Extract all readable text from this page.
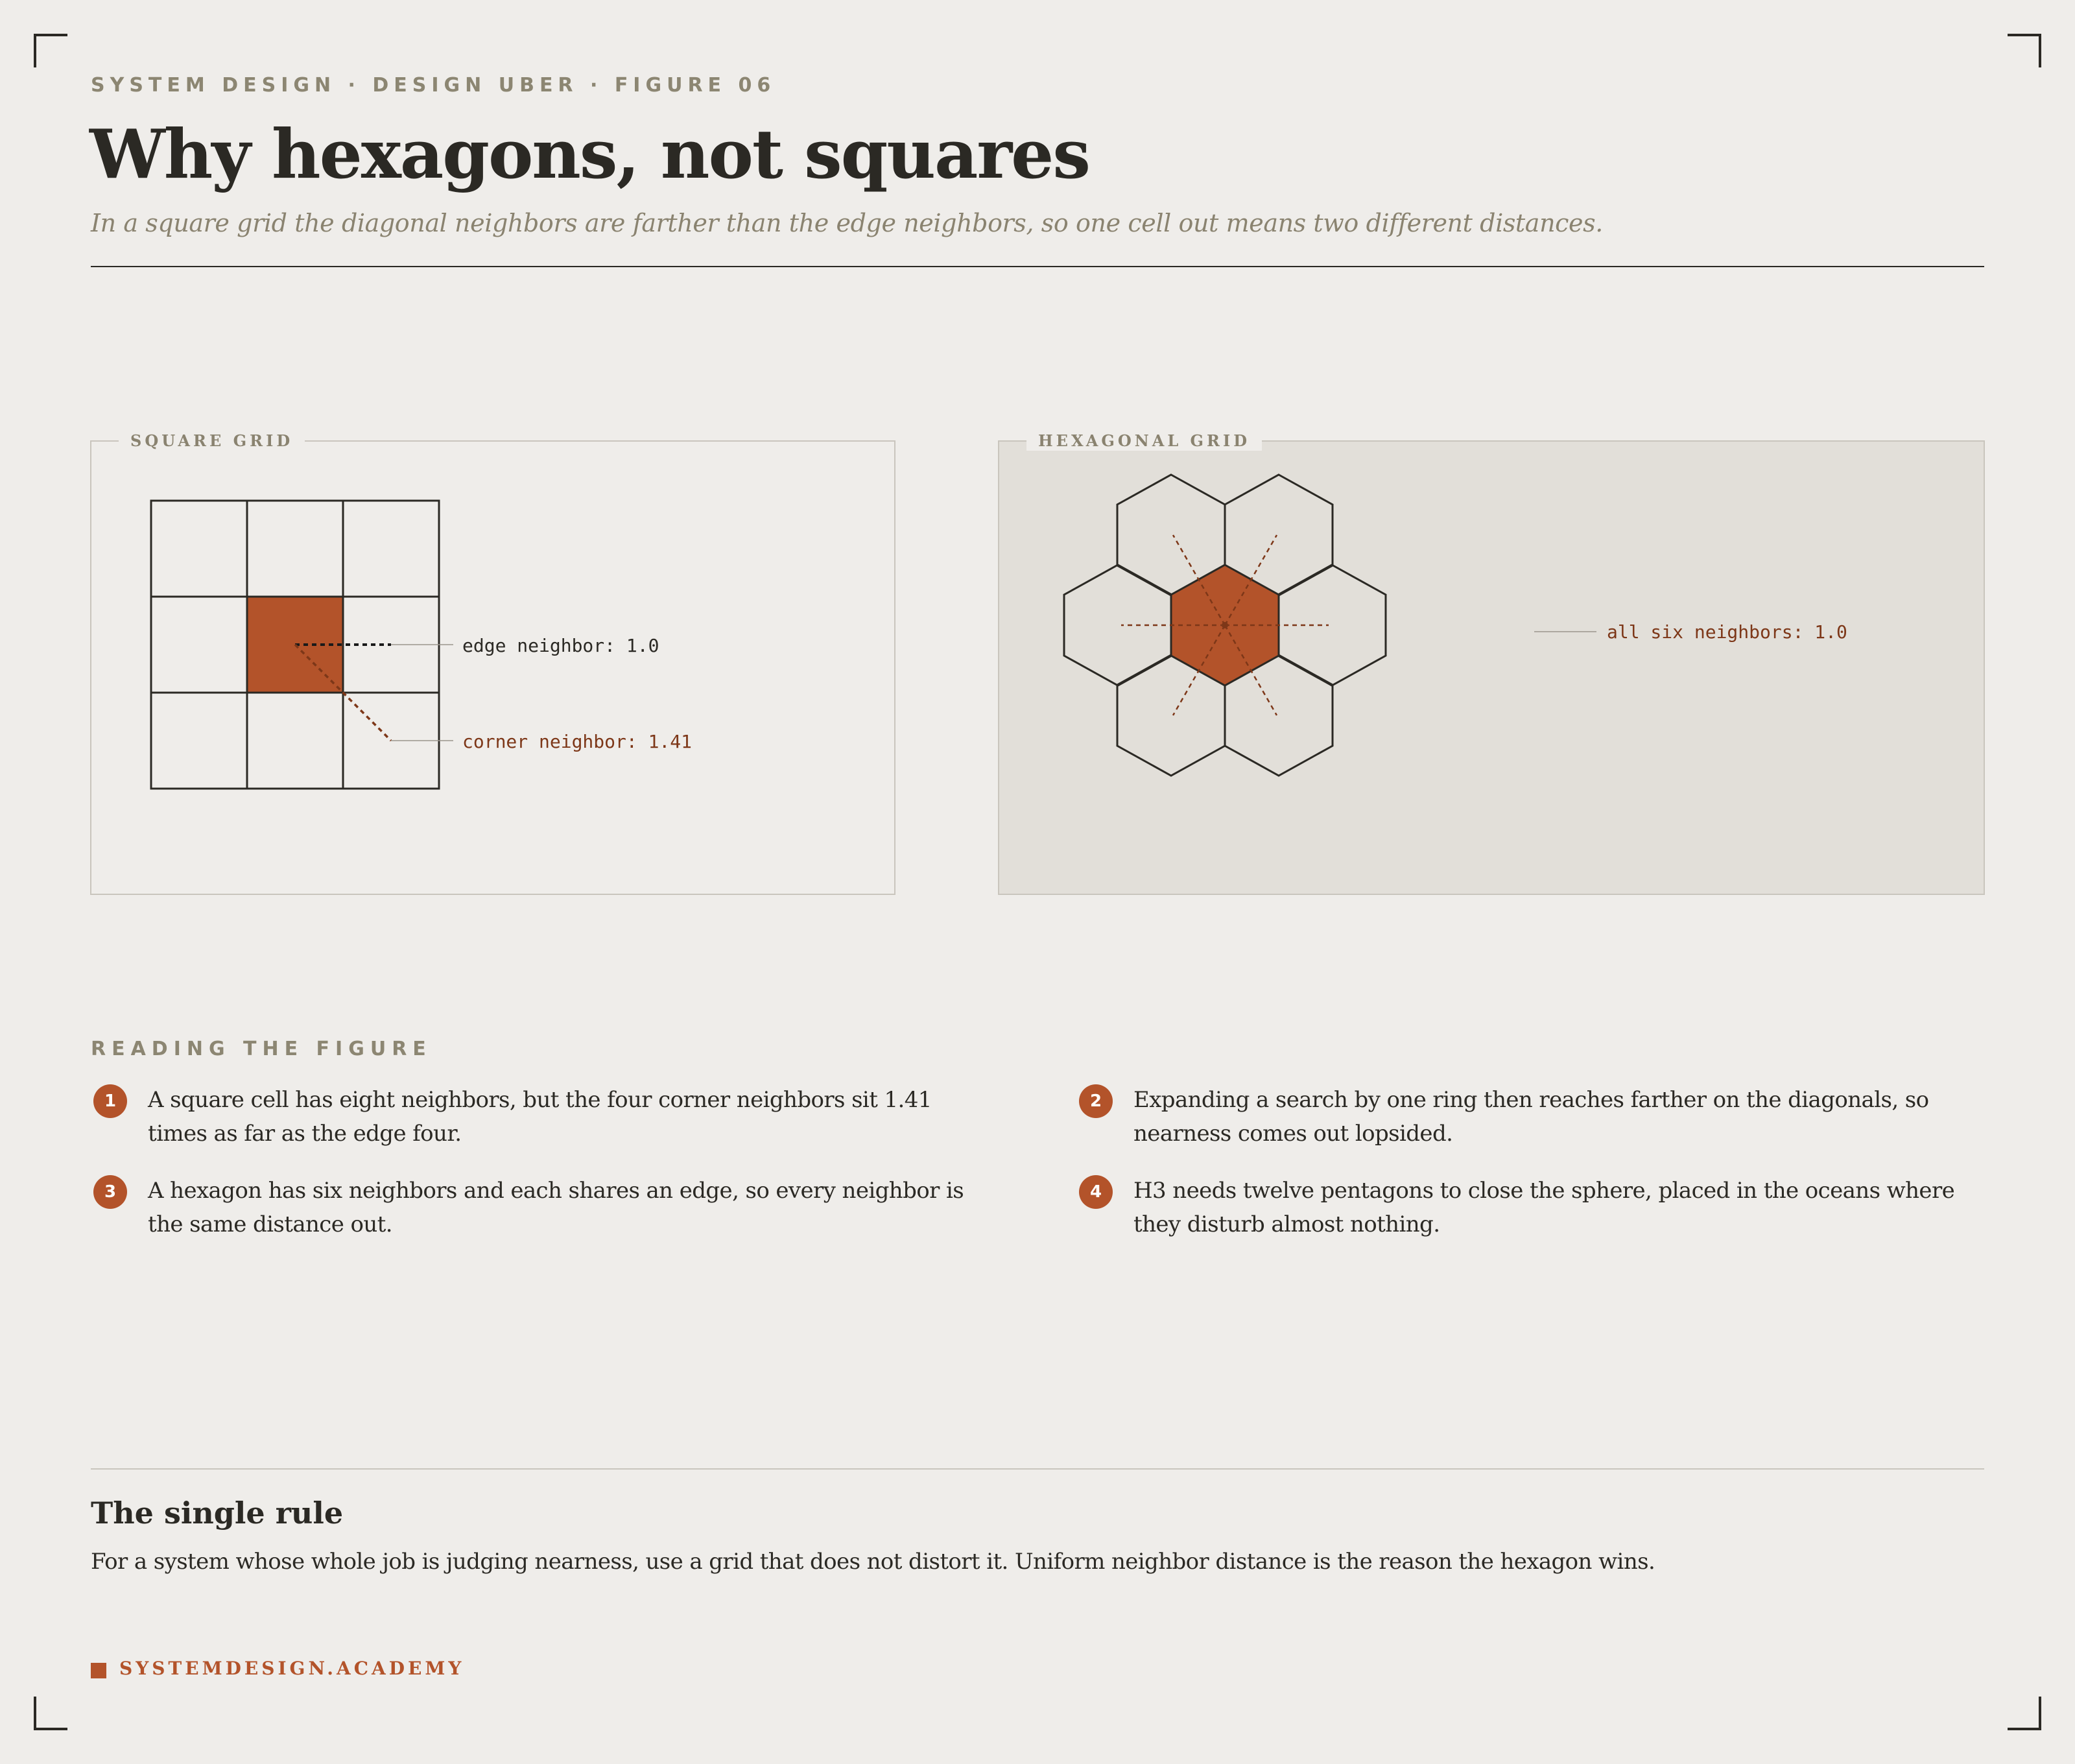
SYSTEM DESIGN · DESIGN UBER · FIGURE 06
Why hexagons, not squares
In a square grid the diagonal neighbors are farther than the edge neighbors, so one cell out means two different distances.
SQUARE GRID
edge neighbor: 1.0
corner neighbor: 1.41
HEXAGONAL GRID
all six neighbors: 1.0
READING THE FIGURE
1	A square cell has eight neighbors, but the four corner neighbors sit 1.41 times as far as the edge four.
2	Expanding a search by one ring then reaches farther on the diagonals, so nearness comes out lopsided.
3	A hexagon has six neighbors and each shares an edge, so every neighbor is the same distance out.
4	H3 needs twelve pentagons to close the sphere, placed in the oceans where they disturb almost nothing.
The single rule
For a system whose whole job is judging nearness, use a grid that does not distort it. Uniform neighbor distance is the reason the hexagon wins.
SYSTEMDESIGN.ACADEMY
